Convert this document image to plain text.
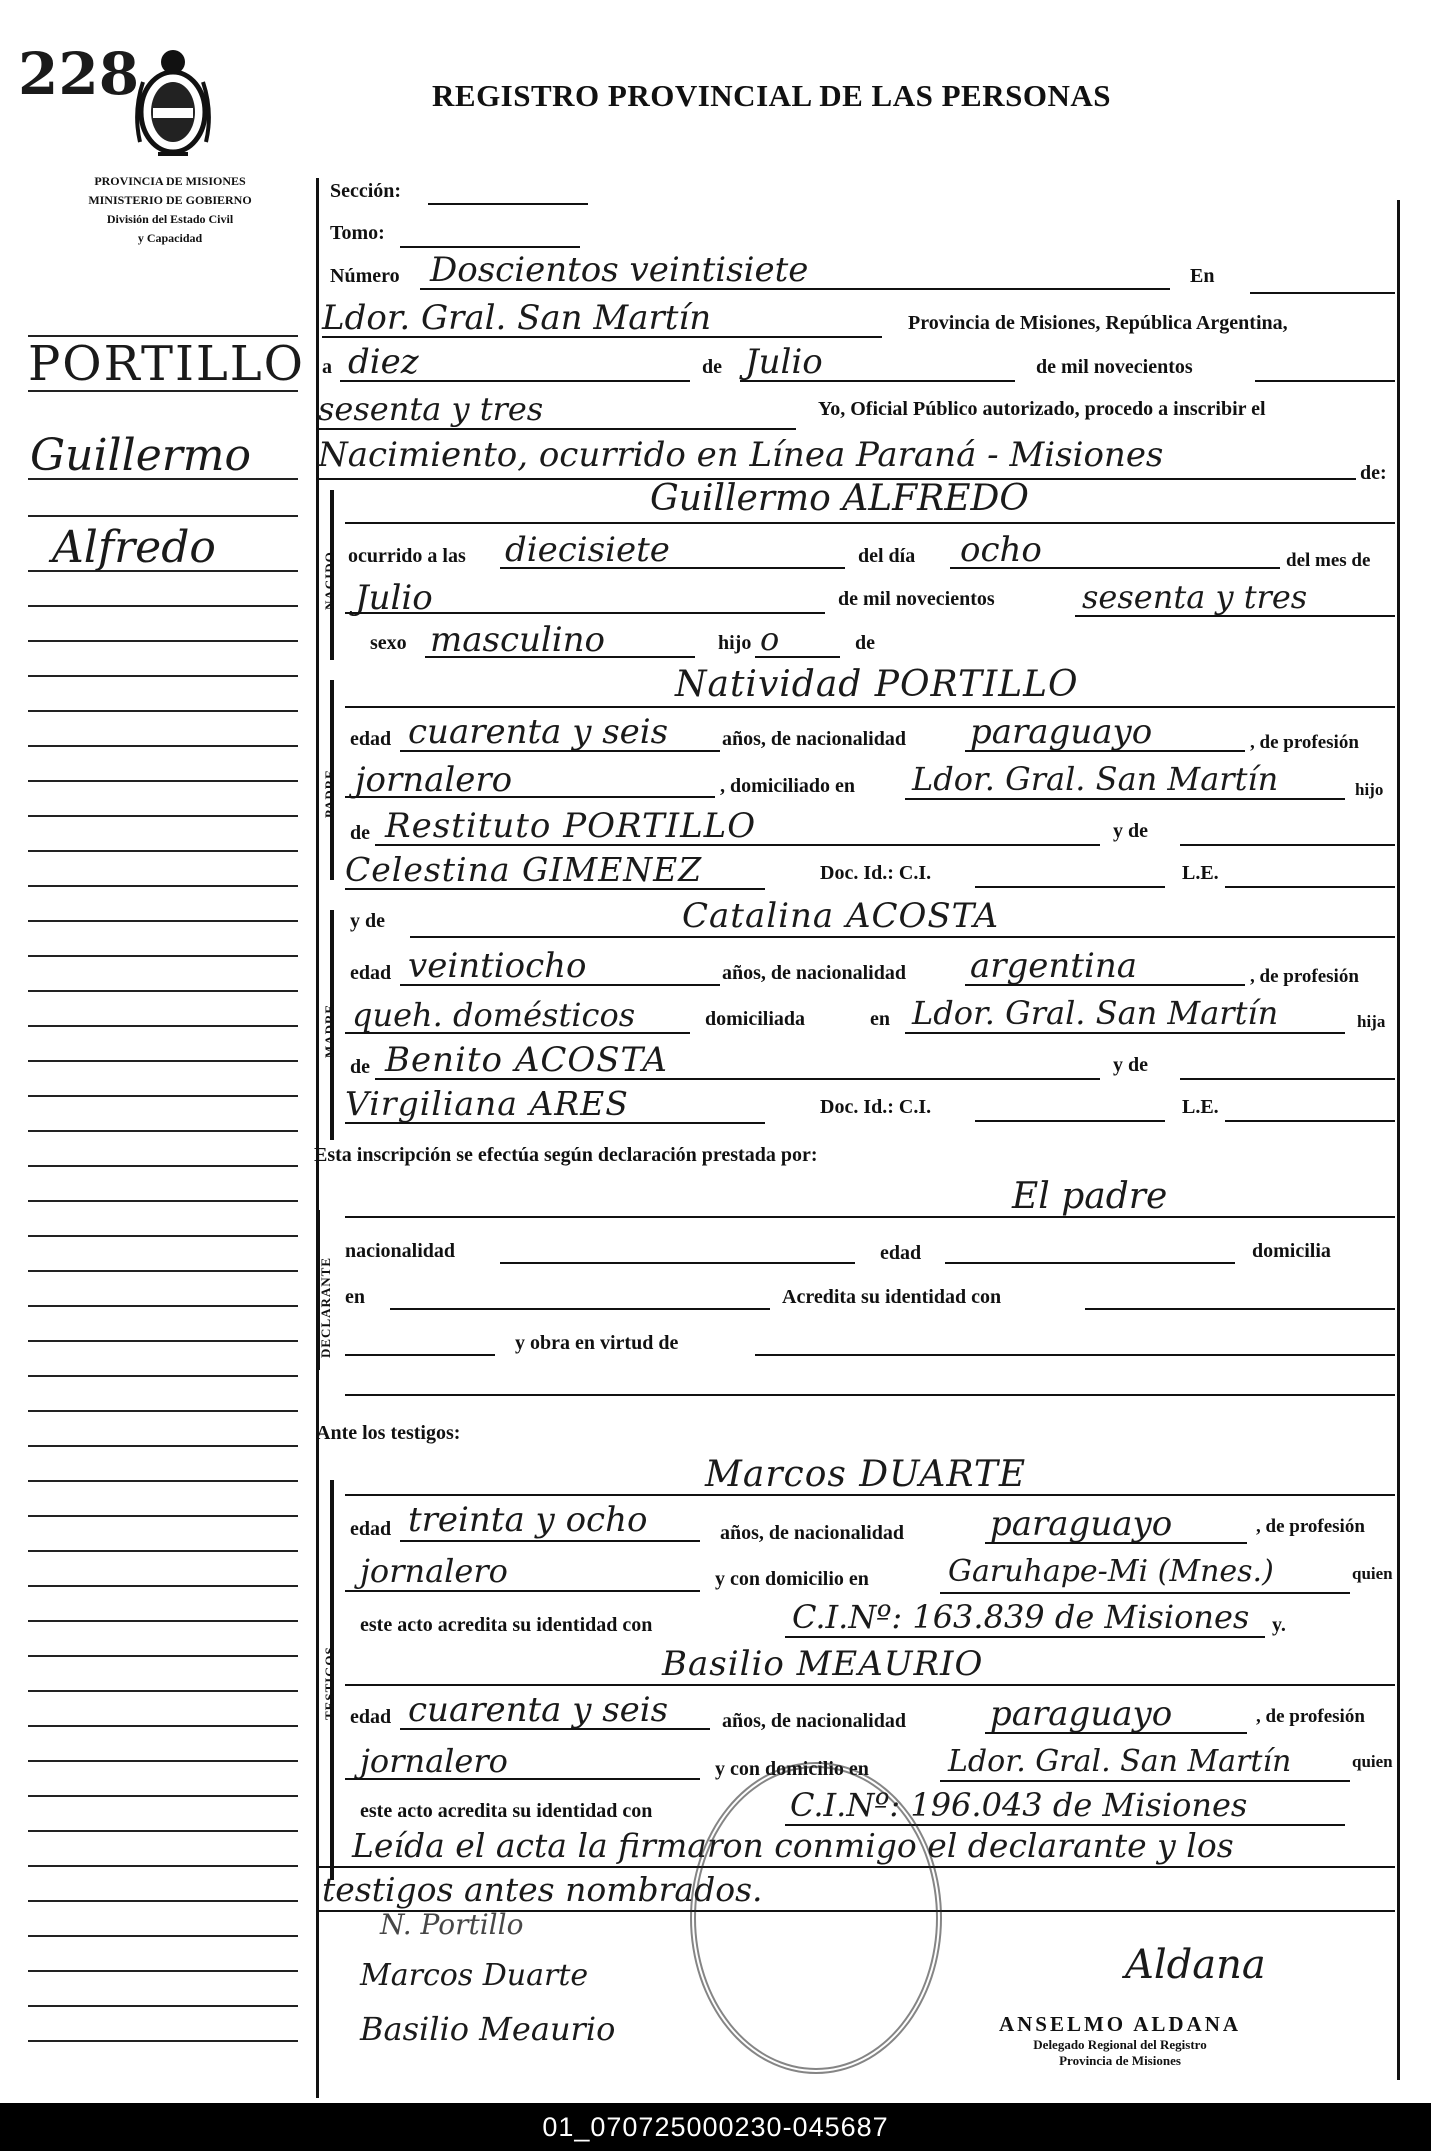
228	REGISTRO PROVINCIAL DE LAS PERSONAS
PROVINCIA DE MISIONES
MINISTERIO DE GOBIERNO
División del Estado Civil
y Capacidad
PORTILLO
Guillermo
Alfredo
Sección:
Tomo:
Número Doscientos veintisiete	En
Ldor. Gral. San Martín	Provincia de Misiones, República Argentina,
a diez	de Julio	de mil novecientos
sesenta y tres	Yo, Oficial Público autorizado, procedo a inscribir el
Nacimiento, ocurrido en Línea Paraná - Misiones	de:
NACIDO
Guillermo ALFREDO
ocurrido a las diecisiete	del día ocho	del mes de
Julio	de mil novecientos	sesenta y tres
sexo masculino	hijo o	de
PADRE
Natividad PORTILLO
edad cuarenta y seis	años, de nacionalidad paraguayo	, de profesión
jornalero	, domiciliado en Ldor. Gral. San Martín	hijo
de Restituto PORTILLO	y de
Celestina GIMENEZ	Doc. Id.: C.I.	L.E.
MADRE
y de	Catalina ACOSTA
edad veintiocho	años, de nacionalidad argentina	, de profesión
queh. domésticos	domiciliada	en Ldor. Gral. San Martín	hija
de Benito ACOSTA	y de
Virgiliana ARES	Doc. Id.: C.I.	L.E.
Esta inscripción se efectúa según declaración prestada por:
DECLARANTE
El padre
nacionalidad	edad	domicilia
en	Acredita su identidad con
y obra en virtud de
Ante los testigos:
TESTIGOS
Marcos DUARTE
edad treinta y ocho	años, de nacionalidad	paraguayo	, de profesión
jornalero	y con domicilio en	Garuhape-Mi (Mnes.)	quien
este acto acredita su identidad con	C.I.Nº: 163.839 de Misiones y.
Basilio MEAURIO
edad cuarenta y seis	años, de nacionalidad paraguayo	, de profesión
jornalero	y con domicilio en	Ldor. Gral. San Martín	quien
este acto acredita su identidad con	C.I.Nº: 196.043 de Misiones
Leída el acta la firmaron conmigo el declarante y los
testigos antes nombrados.
N. Portillo
Marcos Duarte
Basilio Meaurio
Aldana
ANSELMO ALDANA
Delegado Regional del Registro
Provincia de Misiones
01_070725000230-045687
